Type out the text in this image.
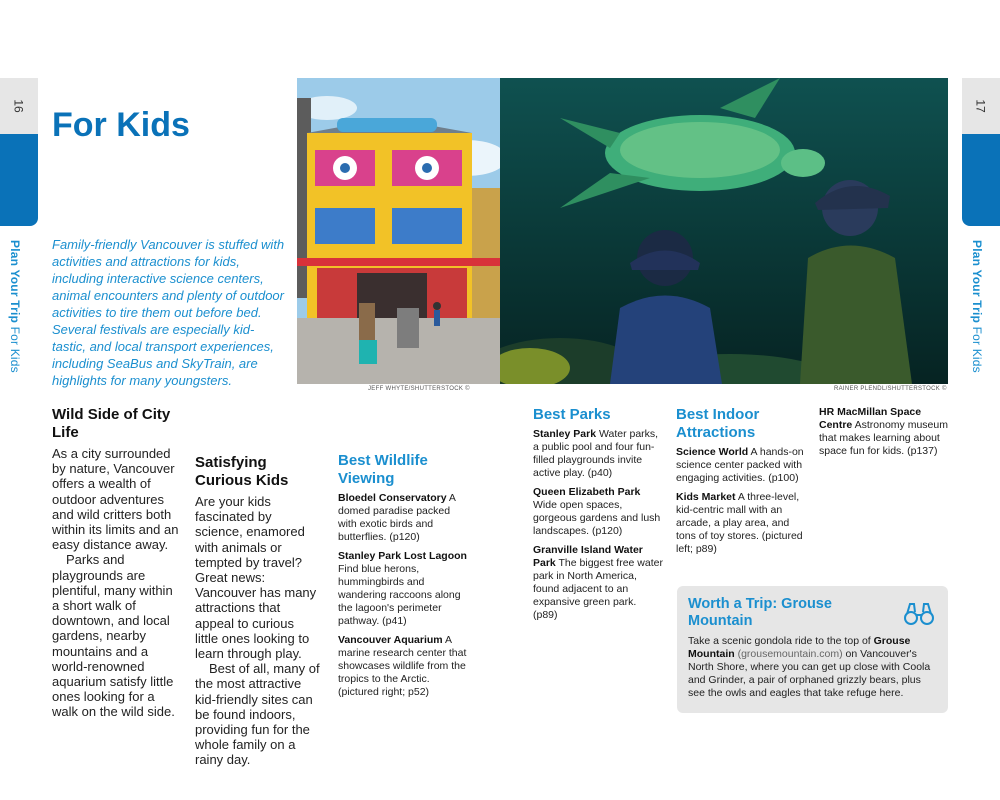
16
Plan Your Trip For Kids
17
Plan Your Trip For Kids
For Kids

Family-friendly Vancouver is stuffed with activities and attractions for kids, including interactive science centers, animal encounters and plenty of outdoor activities to tire them out before bed. Several festivals are especially kid-tastic, and local transport experiences, including SeaBus and SkyTrain, are highlights for many youngsters.

JEFF WHYTE/SHUTTERSTOCK ©	RAINER PLENDL/SHUTTERSTOCK ©
Wild Side of City Life

As a city surrounded by nature, Vancouver offers a wealth of outdoor adventures and wild critters both within its limits and an easy distance away.

Parks and playgrounds are plentiful, many within a short walk of downtown, and local gardens, nearby mountains and a world-renowned aquarium satisfy little ones looking for a walk on the wild side.

Satisfying Curious Kids

Are your kids fascinated by science, enamored with animals or tempted by travel? Great news: Vancouver has many attractions that appeal to curious little ones looking to learn through play.

Best of all, many of the most attractive kid-friendly sites can be found indoors, providing fun for the whole family on a rainy day.

Best Wildlife Viewing

Bloedel Conservatory A domed paradise packed with exotic birds and butterflies. (p120)

Stanley Park Lost Lagoon Find blue herons, hummingbirds and wandering raccoons along the lagoon's perimeter pathway. (p41)

Vancouver Aquarium A marine research center that showcases wildlife from the tropics to the Arctic. (pictured right; p52)

Best Parks

Stanley Park Water parks, a public pool and four fun-filled playgrounds invite active play. (p40)

Queen Elizabeth Park Wide open spaces, gorgeous gardens and lush landscapes. (p120)

Granville Island Water Park The biggest free water park in North America, found adjacent to an expansive green park. (p89)

Best Indoor Attractions

Science World A hands-on science center packed with engaging activities. (p100)

Kids Market A three-level, kid-centric mall with an arcade, a play area, and tons of toy stores. (pictured left; p89)

HR MacMillan Space Centre Astronomy museum that makes learning about space fun for kids. (p137)

Worth a Trip: Grouse Mountain

Take a scenic gondola ride to the top of Grouse Mountain (grousemountain.com) on Vancouver's North Shore, where you can get up close with Coola and Grinder, a pair of orphaned grizzly bears, plus see the owls and eagles that take refuge here.
